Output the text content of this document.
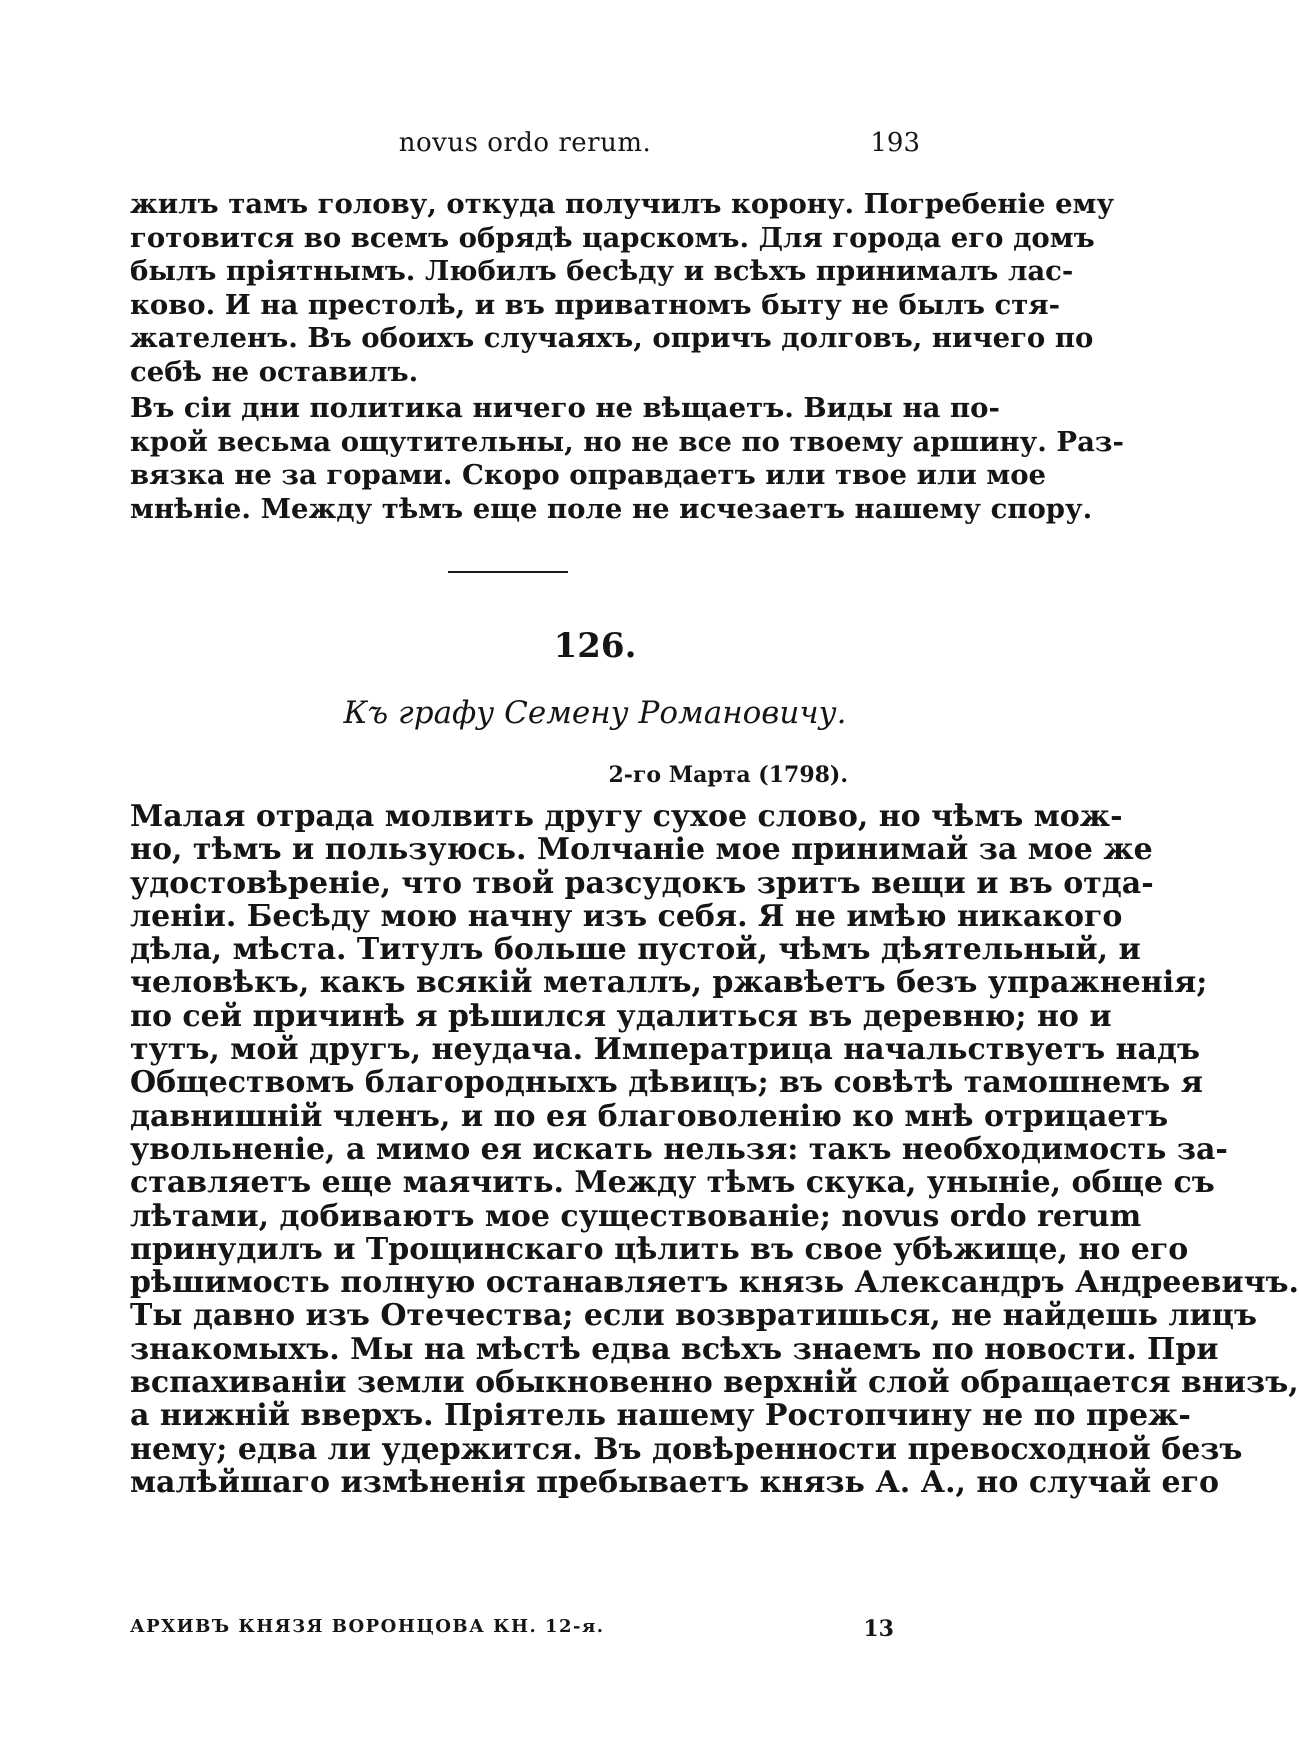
novus ordo rerum.	193
жилъ тамъ голову, откуда получилъ корону. Погребеніе ему
готовится во всемъ обрядѣ царскомъ. Для города его домъ
былъ пріятнымъ. Любилъ бесѣду и всѣхъ принималъ лас-
ково. И на престолѣ, и въ приватномъ быту не былъ стя-
жателенъ. Въ обоихъ случаяхъ, опричъ долговъ, ничего по
себѣ не оставилъ.
Въ сіи дни политика ничего не вѣщаетъ. Виды на по-
крой весьма ощутительны, но не все по твоему аршину. Раз-
вязка не за горами. Скоро оправдаетъ или твое или мое
мнѣніе. Между тѣмъ еще поле не исчезаетъ нашему спору.
126.
Къ графу Семену Романовичу.
2-го Марта (1798).
Малая отрада молвить другу сухое слово, но чѣмъ мож-
но, тѣмъ и пользуюсь. Молчаніе мое принимай за мое же
удостовѣреніе, что твой разсудокъ зритъ вещи и въ отда-
леніи. Бесѣду мою начну изъ себя. Я не имѣю никакого
дѣла, мѣста. Титулъ больше пустой, чѣмъ дѣятельный, и
человѣкъ, какъ всякій металлъ, ржавѣетъ безъ упражненія;
по сей причинѣ я рѣшился удалиться въ деревню; но и
тутъ, мой другъ, неудача. Императрица начальствуетъ надъ
Обществомъ благородныхъ дѣвицъ; въ совѣтѣ тамошнемъ я
давнишній членъ, и по ея благоволенію ко мнѣ отрицаетъ
увольненіе, а мимо ея искать нельзя: такъ необходимость за-
ставляетъ еще маячить. Между тѣмъ скука, уныніе, обще съ
лѣтами, добиваютъ мое существованіе; novus ordo rerum
принудилъ и Трощинскаго цѣлить въ свое убѣжище, но его
рѣшимость полную останавляетъ князь Александръ Андреевичъ.
Ты давно изъ Отечества; если возвратишься, не найдешь лицъ
знакомыхъ. Мы на мѣстѣ едва всѣхъ знаемъ по новости. При
вспахиваніи земли обыкновенно верхній слой обращается внизъ,
а нижній вверхъ. Пріятель нашему Ростопчину не по преж-
нему; едва ли удержится. Въ довѣренности превосходной безъ
малѣйшаго измѣненія пребываетъ князь А. А., но случай его
АРХИВЪ КНЯЗЯ ВОРОНЦОВА КН. 12-я.	13
